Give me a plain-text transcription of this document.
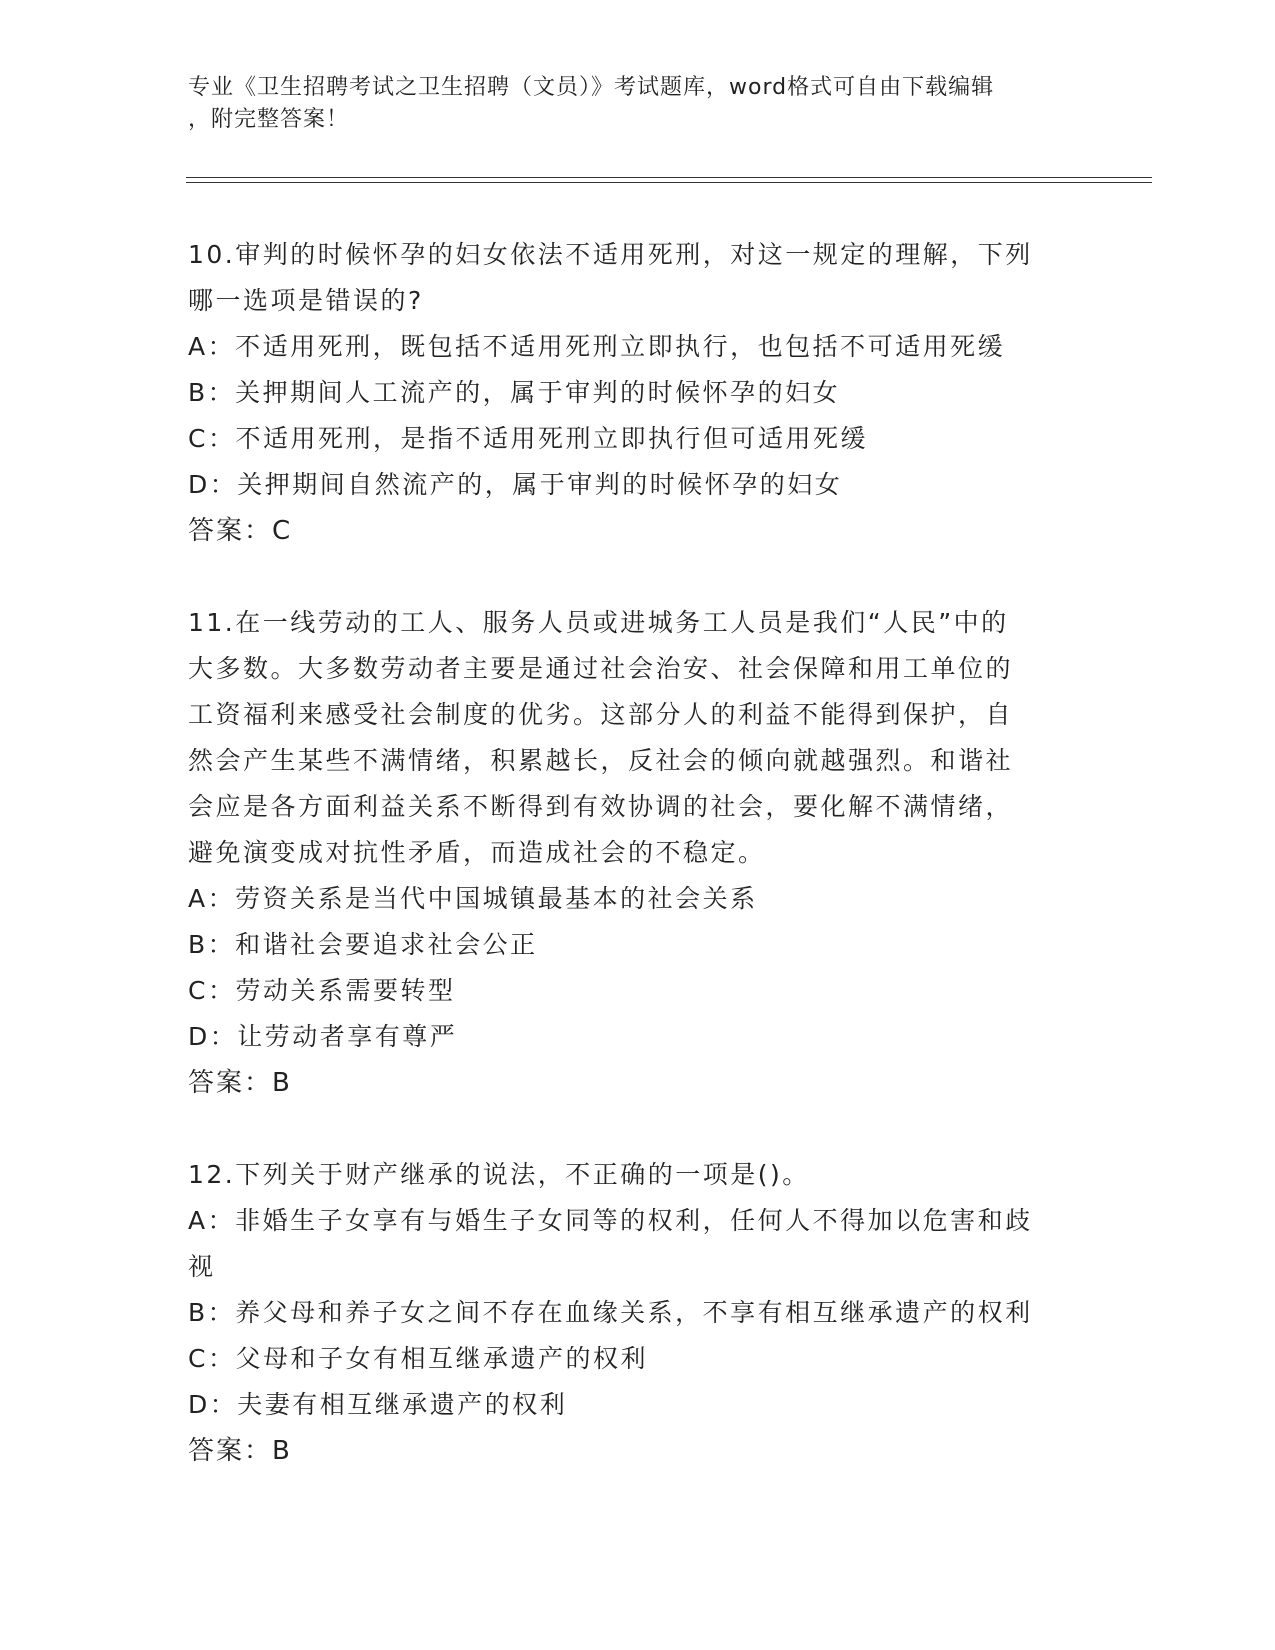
专业《卫生招聘考试之卫生招聘（文员）》考试题库，word格式可自由下载编辑
，附完整答案！

10.审判的时候怀孕的妇女依法不适用死刑，对这一规定的理解，下列

哪一选项是错误的?

A：不适用死刑，既包括不适用死刑立即执行，也包括不可适用死缓

B：关押期间人工流产的，属于审判的时候怀孕的妇女

C：不适用死刑，是指不适用死刑立即执行但可适用死缓

D：关押期间自然流产的，属于审判的时候怀孕的妇女

答案：C

11.在一线劳动的工人、服务人员或进城务工人员是我们“人民”中的

大多数。大多数劳动者主要是通过社会治安、社会保障和用工单位的

工资福利来感受社会制度的优劣。这部分人的利益不能得到保护，自

然会产生某些不满情绪，积累越长，反社会的倾向就越强烈。和谐社

会应是各方面利益关系不断得到有效协调的社会，要化解不满情绪，

避免演变成对抗性矛盾，而造成社会的不稳定。

A：劳资关系是当代中国城镇最基本的社会关系

B：和谐社会要追求社会公正

C：劳动关系需要转型

D：让劳动者享有尊严

答案：B

12.下列关于财产继承的说法，不正确的一项是()。

A：非婚生子女享有与婚生子女同等的权利，任何人不得加以危害和歧

视

B：养父母和养子女之间不存在血缘关系，不享有相互继承遗产的权利

C：父母和子女有相互继承遗产的权利

D：夫妻有相互继承遗产的权利

答案：B
